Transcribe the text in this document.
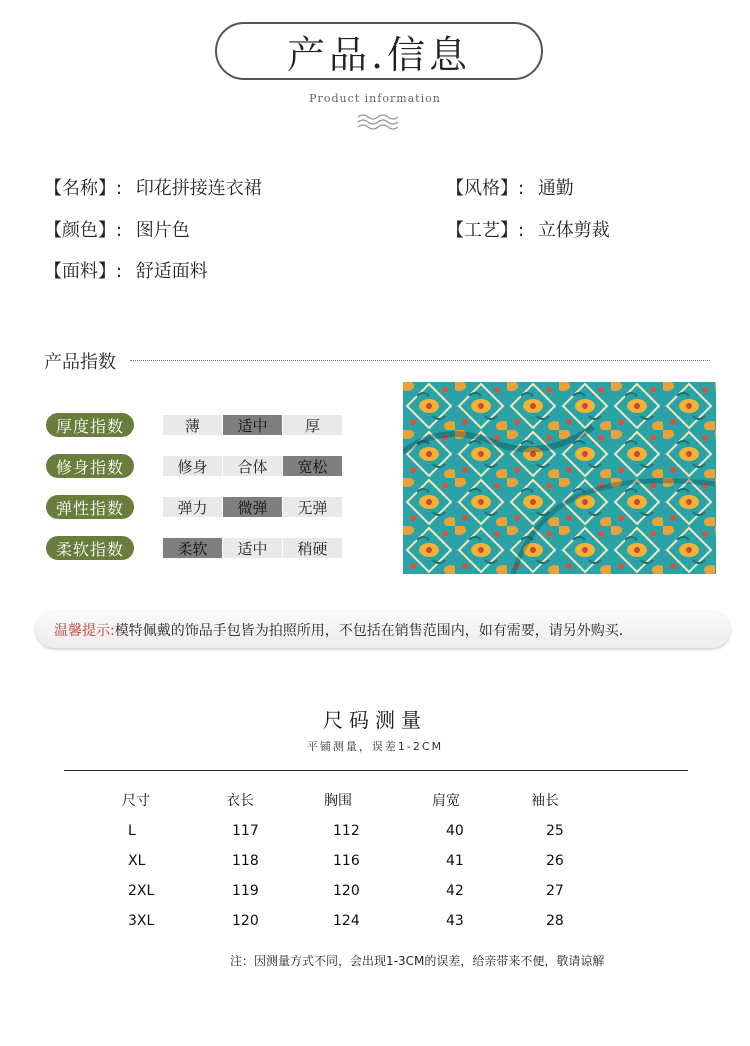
产品.信息
Product information
【名称】: 印花拼接连衣裙	【风格】: 通勤
【颜色】: 图片色	【工艺】: 立体剪裁
【面料】: 舒适面料
产品指数
厚度指数	薄	适中	厚
修身指数	修身	合体	宽松
弹性指数	弹力	微弹	无弹
柔软指数	柔软	适中	稍硬
温馨提示: 模特佩戴的饰品手包皆为拍照所用，不包括在销售范围内，如有需要，请另外购买.
尺码测量
平铺测量，误差1-2CM
尺寸	衣长	胸围	肩宽	袖长
L	117	112	40	25
XL	118	116	41	26
2XL	119	120	42	27
3XL	120	124	43	28
注：因测量方式不同，会出现1-3CM的误差，给亲带来不便，敬请谅解
